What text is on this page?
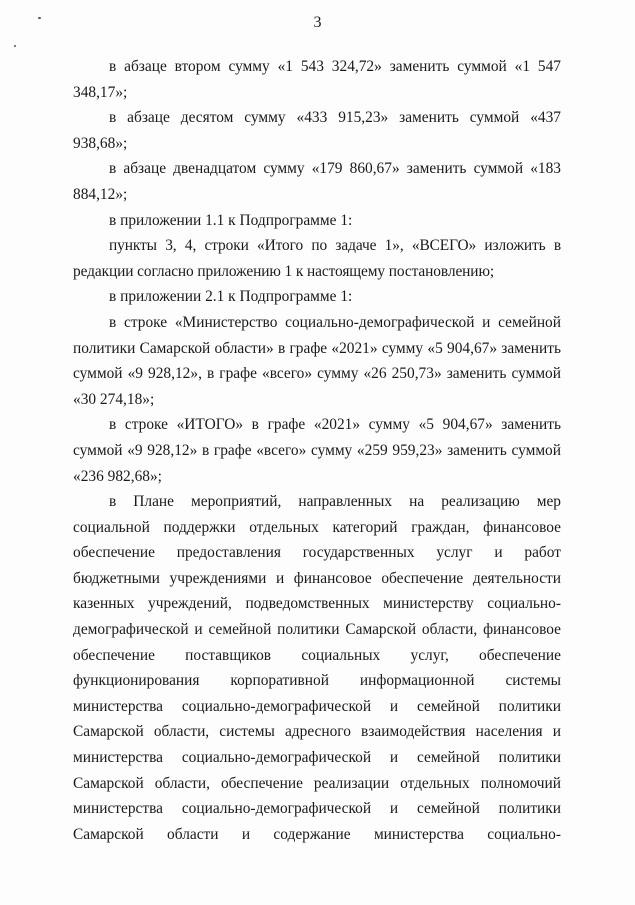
3

в абзаце втором сумму «1 543 324,72» заменить суммой «1 547 348,17»;

в абзаце десятом сумму «433 915,23» заменить суммой «437 938,68»;

в абзаце двенадцатом сумму «179 860,67» заменить суммой «183 884,12»;

в приложении 1.1 к Подпрограмме 1:

пункты 3, 4, строки «Итого по задаче 1», «ВСЕГО» изложить в редакции согласно приложению 1 к настоящему постановлению;

в приложении 2.1 к Подпрограмме 1:

в строке «Министерство социально-демографической и семейной политики Самарской области» в графе «2021» сумму «5 904,67» заменить суммой «9 928,12», в графе «всего» сумму «26 250,73» заменить суммой «30 274,18»;

в строке «ИТОГО» в графе «2021» сумму «5 904,67» заменить суммой «9 928,12» в графе «всего» сумму «259 959,23» заменить суммой «236 982,68»;

в Плане мероприятий, направленных на реализацию мер социальной поддержки отдельных категорий граждан, финансовое обеспечение предоставления государственных услуг и работ бюджетными учреждениями и финансовое обеспечение деятельности казенных учреждений, подведомственных министерству социально-демографической и семейной политики Самарской области, финансовое обеспечение поставщиков социальных услуг, обеспечение функционирования корпоративной информационной системы министерства социально-демографической и семейной политики Самарской области, системы адресного взаимодействия населения и министерства социально-демографической и семейной политики Самарской области, обеспечение реализации отдельных полномочий министерства социально-демографической и семейной политики Самарской области и содержание министерства социально-
